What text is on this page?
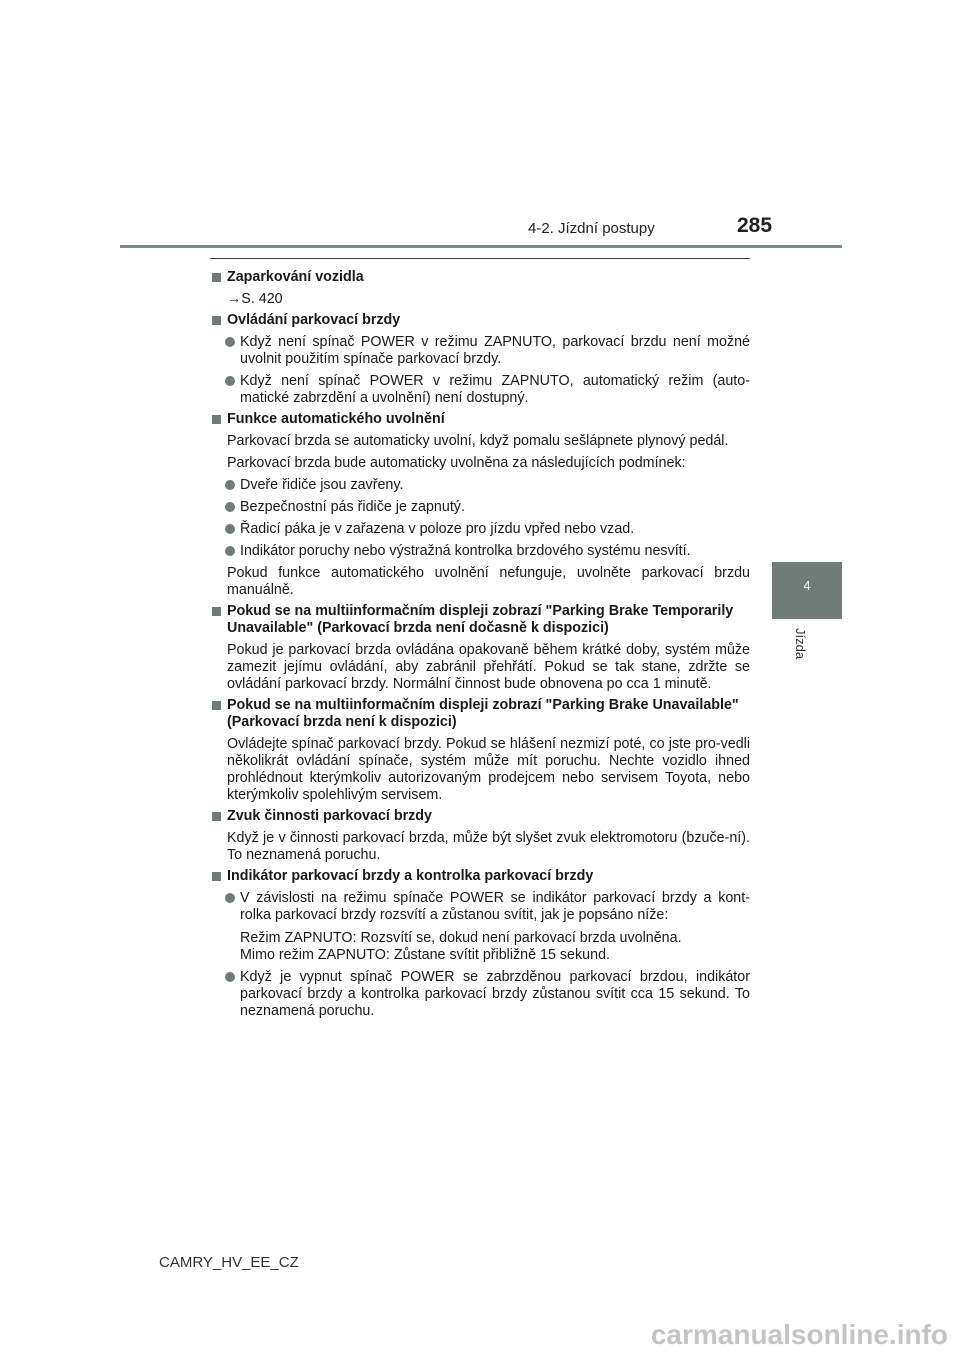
4-2. Jízdní postupy	285
4
Jízda
Zaparkování vozidla
→S. 420
Ovládání parkovací brzdy
Když není spínač POWER v režimu ZAPNUTO, parkovací brzdu není možné uvolnit použitím spínače parkovací brzdy.
Když není spínač POWER v režimu ZAPNUTO, automatický režim (auto-matické zabrzdění a uvolnění) není dostupný.
Funkce automatického uvolnění
Parkovací brzda se automaticky uvolní, když pomalu sešlápnete plynový pedál.
Parkovací brzda bude automaticky uvolněna za následujících podmínek:
Dveře řidiče jsou zavřeny.
Bezpečnostní pás řidiče je zapnutý.
Řadicí páka je v zařazena v poloze pro jízdu vpřed nebo vzad.
Indikátor poruchy nebo výstražná kontrolka brzdového systému nesvítí.
Pokud funkce automatického uvolnění nefunguje, uvolněte parkovací brzdu manuálně.
Pokud se na multiinformačním displeji zobrazí "Parking Brake Temporarily Unavailable" (Parkovací brzda není dočasně k dispozici)
Pokud je parkovací brzda ovládána opakovaně během krátké doby, systém může zamezit jejímu ovládání, aby zabránil přehřátí. Pokud se tak stane, zdržte se ovládání parkovací brzdy. Normální činnost bude obnovena po cca 1 minutě.
Pokud se na multiinformačním displeji zobrazí "Parking Brake Unavailable" (Parkovací brzda není k dispozici)
Ovládejte spínač parkovací brzdy. Pokud se hlášení nezmizí poté, co jste pro-vedli několikrát ovládání spínače, systém může mít poruchu. Nechte vozidlo ihned prohlédnout kterýmkoliv autorizovaným prodejcem nebo servisem Toyota, nebo kterýmkoliv spolehlivým servisem.
Zvuk činnosti parkovací brzdy
Když je v činnosti parkovací brzda, může být slyšet zvuk elektromotoru (bzuče-ní). To neznamená poruchu.
Indikátor parkovací brzdy a kontrolka parkovací brzdy
V závislosti na režimu spínače POWER se indikátor parkovací brzdy a kont-rolka parkovací brzdy rozsvítí a zůstanou svítit, jak je popsáno níže:
Režim ZAPNUTO: Rozsvítí se, dokud není parkovací brzda uvolněna.
Mimo režim ZAPNUTO: Zůstane svítit přibližně 15 sekund.
Když je vypnut spínač POWER se zabrzděnou parkovací brzdou, indikátor parkovací brzdy a kontrolka parkovací brzdy zůstanou svítit cca 15 sekund. To neznamená poruchu.
CAMRY_HV_EE_CZ
carmanualsonline.info
